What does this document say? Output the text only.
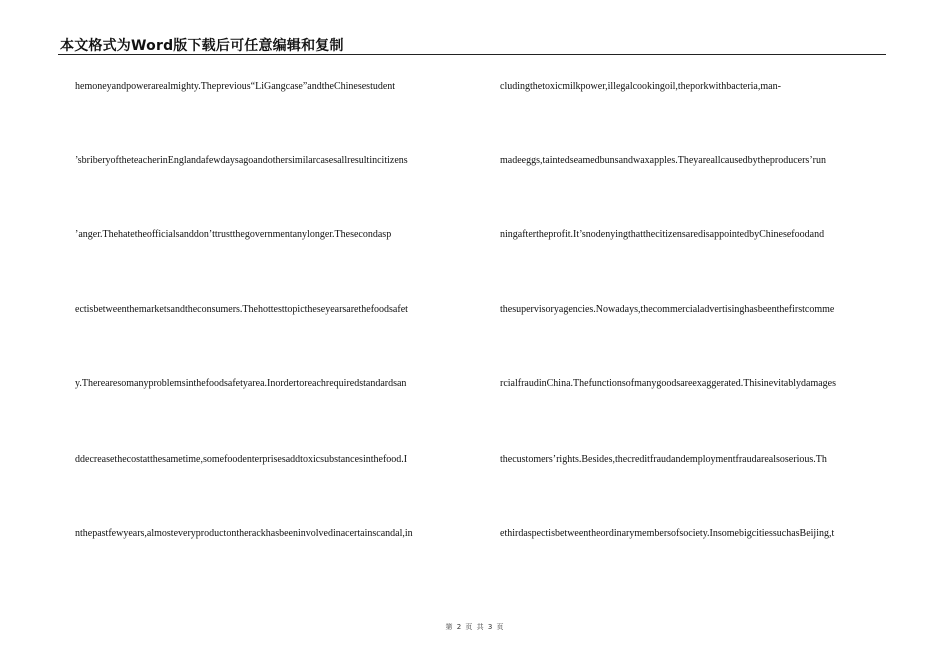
本文格式为Word版下载后可任意编辑和复制
hemoneyandpowerarealmighty.Theprevious“LiGangcase”andtheChinesestudent
’sbriberyoftheteacherinEnglandafewdaysagoandothersimilarcasesallresultincitizens
’anger.Thehatetheofficialsanddon’ttrustthegovernmentanylonger.Thesecondasp
ectisbetweenthemarketsandtheconsumers.Thehottesttopictheseyearsarethefoodsafet
y.Therearesomanyproblemsinthefoodsafetyarea.Inordertoreachrequiredstandardsan
ddecreasethecostatthesametime,somefoodenterprisesaddtoxicsubstancesinthefood.I
nthepastfewyears,almosteveryproductontherackhasbeeninvolvedinacertainscandal,in
cludingthetoxicmilkpower,illegalcookingoil,theporkwithbacteria,man-
madeeggs,taintedseamedbunsandwaxapples.Theyareallcausedbytheproducers’run
ningaftertheprofit.It’snodenyingthatthecitizensaredisappointedbyChinesefoodand
thesupervisoryagencies.Nowadays,thecommercialadvertisinghasbeenthefirstcomme
rcialfraudinChina.Thefunctionsofmanygoodsareexaggerated.Thisinevitablydamages
thecustomers’rights.Besides,thecreditfraudandemploymentfraudarealsoserious.Th
ethirdaspectisbetweentheordinarymembersofsociety.InsomebigcitiessuchasBeijing,t
第 2 页 共 3 页
